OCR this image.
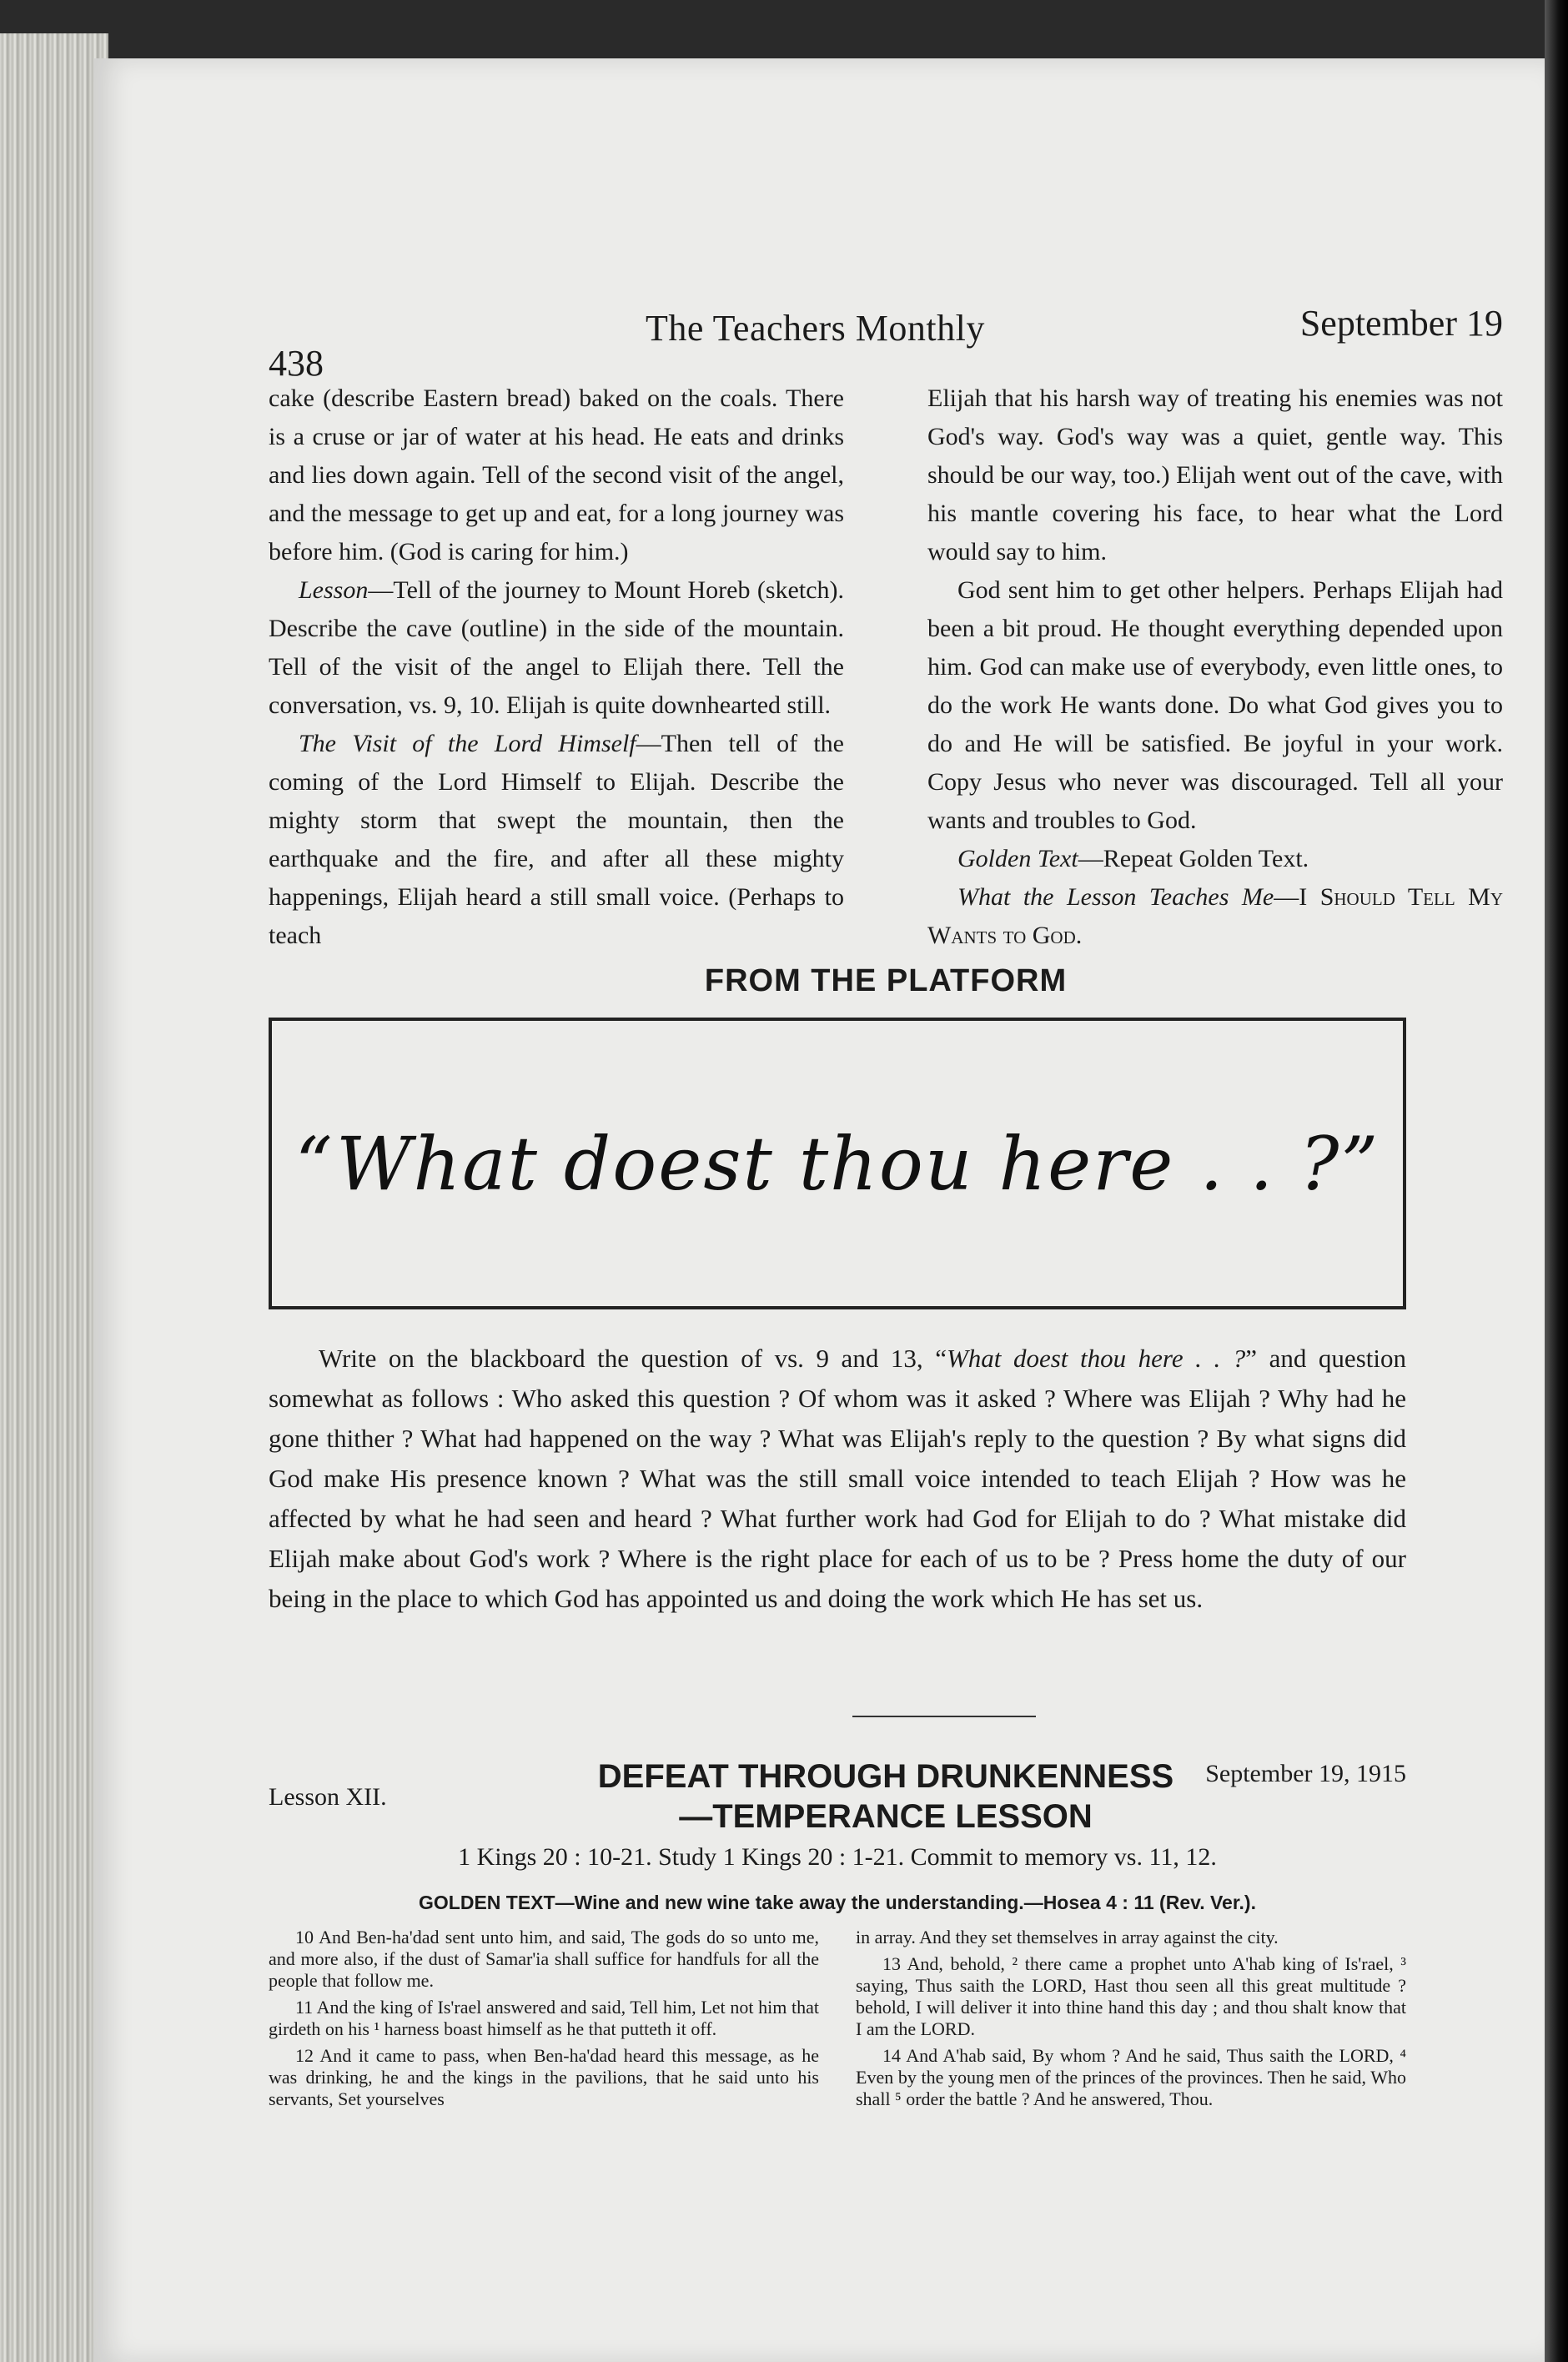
438
The Teachers Monthly	September 19

cake (describe Eastern bread) baked on the coals. There is a cruse or jar of water at his head. He eats and drinks and lies down again. Tell of the second visit of the angel, and the message to get up and eat, for a long journey was before him. (God is caring for him.)

Lesson—Tell of the journey to Mount Horeb (sketch). Describe the cave (outline) in the side of the mountain. Tell of the visit of the angel to Elijah there. Tell the conversation, vs. 9, 10. Elijah is quite downhearted still.

The Visit of the Lord Himself—Then tell of the coming of the Lord Himself to Elijah. Describe the mighty storm that swept the mountain, then the earthquake and the fire, and after all these mighty happenings, Elijah heard a still small voice. (Perhaps to teach

Elijah that his harsh way of treating his enemies was not God's way. God's way was a quiet, gentle way. This should be our way, too.) Elijah went out of the cave, with his mantle covering his face, to hear what the Lord would say to him.

God sent him to get other helpers. Perhaps Elijah had been a bit proud. He thought everything depended upon him. God can make use of everybody, even little ones, to do the work He wants done. Do what God gives you to do and He will be satisfied. Be joyful in your work. Copy Jesus who never was discouraged. Tell all your wants and troubles to God.

Golden Text—Repeat Golden Text.

What the Lesson Teaches Me—I Should Tell My Wants to God.

FROM THE PLATFORM
“What doest thou here . . ?”

Write on the blackboard the question of vs. 9 and 13, “What doest thou here . . ?” and question somewhat as follows : Who asked this question ? Of whom was it asked ? Where was Elijah ? Why had he gone thither ? What had happened on the way ? What was Elijah's reply to the question ? By what signs did God make His presence known ? What was the still small voice intended to teach Elijah ? How was he affected by what he had seen and heard ? What further work had God for Elijah to do ? What mistake did Elijah make about God's work ? Where is the right place for each of us to be ? Press home the duty of our being in the place to which God has appointed us and doing the work which He has set us.

Lesson XII.
DEFEAT THROUGH DRUNKENNESS
—TEMPERANCE LESSON
September 19, 1915
1 Kings 20 : 10-21. Study 1 Kings 20 : 1-21. Commit to memory vs. 11, 12.
GOLDEN TEXT—Wine and new wine take away the understanding.—Hosea 4 : 11 (Rev. Ver.).

10 And Ben-ha'dad sent unto him, and said, The gods do so unto me, and more also, if the dust of Samar'ia shall suffice for handfuls for all the people that follow me.

11 And the king of Is'rael answered and said, Tell him, Let not him that girdeth on his ¹ harness boast himself as he that putteth it off.

12 And it came to pass, when Ben-ha'dad heard this message, as he was drinking, he and the kings in the pavilions, that he said unto his servants, Set yourselves

in array. And they set themselves in array against the city.

13 And, behold, ² there came a prophet unto A'hab king of Is'rael, ³ saying, Thus saith the LORD, Hast thou seen all this great multitude ? behold, I will deliver it into thine hand this day ; and thou shalt know that I am the LORD.

14 And A'hab said, By whom ? And he said, Thus saith the LORD, ⁴ Even by the young men of the princes of the provinces. Then he said, Who shall ⁵ order the battle ? And he answered, Thou.
